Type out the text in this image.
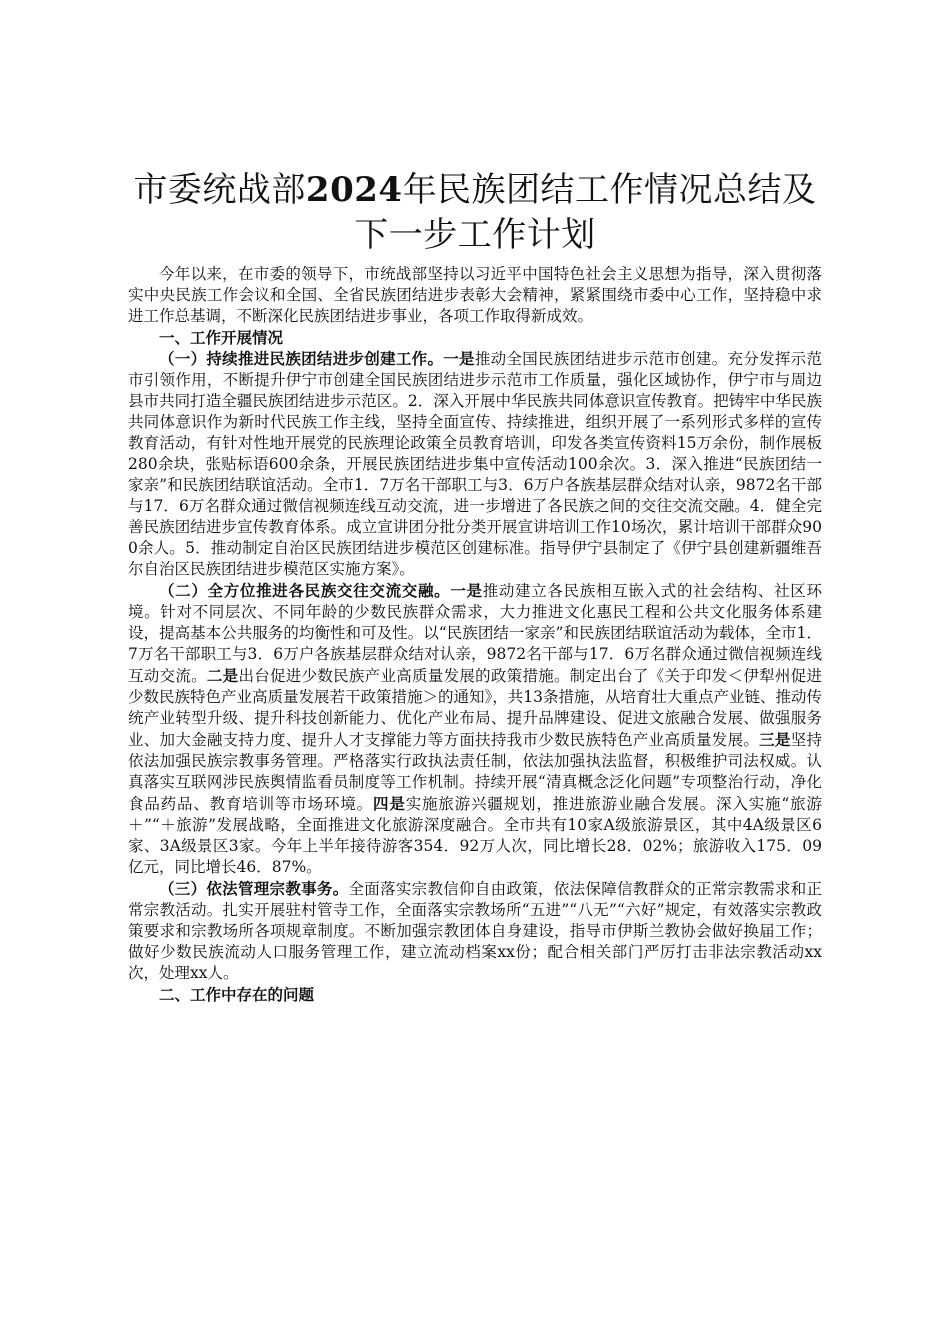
市委统战部2024年民族团结工作情况总结及下一步工作计划

今年以来，在市委的领导下，市统战部坚持以习近平中国特色社会主义思想为指导，深入贯彻落实中央民族工作会议和全国、全省民族团结进步表彰大会精神，紧紧围绕市委中心工作，坚持稳中求进工作总基调，不断深化民族团结进步事业，各项工作取得新成效。

一、工作开展情况

（一）持续推进民族团结进步创建工作。一是推动全国民族团结进步示范市创建。充分发挥示范市引领作用，不断提升伊宁市创建全国民族团结进步示范市工作质量，强化区域协作，伊宁市与周边县市共同打造全疆民族团结进步示范区。2．深入开展中华民族共同体意识宣传教育。把铸牢中华民族共同体意识作为新时代民族工作主线，坚持全面宣传、持续推进，组织开展了一系列形式多样的宣传教育活动，有针对性地开展党的民族理论政策全员教育培训，印发各类宣传资料15万余份，制作展板280余块，张贴标语600余条，开展民族团结进步集中宣传活动100余次。3．深入推进“民族团结一家亲”和民族团结联谊活动。全市1．7万名干部职工与3．6万户各族基层群众结对认亲，9872名干部与17．6万名群众通过微信视频连线互动交流，进一步增进了各民族之间的交往交流交融。4．健全完善民族团结进步宣传教育体系。成立宣讲团分批分类开展宣讲培训工作10场次，累计培训干部群众900余人。5．推动制定自治区民族团结进步模范区创建标准。指导伊宁县制定了《伊宁县创建新疆维吾尔自治区民族团结进步模范区实施方案》。

（二）全方位推进各民族交往交流交融。一是推动建立各民族相互嵌入式的社会结构、社区环境。针对不同层次、不同年龄的少数民族群众需求，大力推进文化惠民工程和公共文化服务体系建设，提高基本公共服务的均衡性和可及性。以“民族团结一家亲”和民族团结联谊活动为载体，全市1．7万名干部职工与3．6万户各族基层群众结对认亲，9872名干部与17．6万名群众通过微信视频连线互动交流。二是出台促进少数民族产业高质量发展的政策措施。制定出台了《关于印发＜伊犁州促进少数民族特色产业高质量发展若干政策措施＞的通知》，共13条措施，从培育壮大重点产业链、推动传统产业转型升级、提升科技创新能力、优化产业布局、提升品牌建设、促进文旅融合发展、做强服务业、加大金融支持力度、提升人才支撑能力等方面扶持我市少数民族特色产业高质量发展。三是坚持依法加强民族宗教事务管理。严格落实行政执法责任制，依法加强执法监督，积极维护司法权威。认真落实互联网涉民族舆情监看员制度等工作机制。持续开展“清真概念泛化问题”专项整治行动，净化食品药品、教育培训等市场环境。四是实施旅游兴疆规划，推进旅游业融合发展。深入实施“旅游＋”“＋旅游”发展战略，全面推进文化旅游深度融合。全市共有10家A级旅游景区，其中4A级景区6家、3A级景区3家。今年上半年接待游客354．92万人次，同比增长28．02%；旅游收入175．09亿元，同比增长46．87%。

（三）依法管理宗教事务。全面落实宗教信仰自由政策，依法保障信教群众的正常宗教需求和正常宗教活动。扎实开展驻村管寺工作，全面落实宗教场所“五进”“八无”“六好”规定，有效落实宗教政策要求和宗教场所各项规章制度。不断加强宗教团体自身建设，指导市伊斯兰教协会做好换届工作；做好少数民族流动人口服务管理工作，建立流动档案xx份；配合相关部门严厉打击非法宗教活动xx次，处理xx人。

二、工作中存在的问题
